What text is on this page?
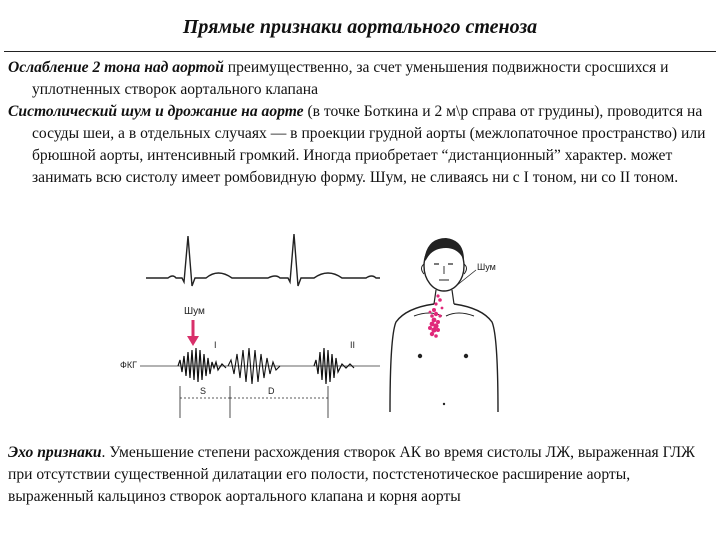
Прямые признаки аортального стеноза

Ослабление 2 тона над аортой преимущественно, за счет уменьшения подвижности сросшихся и уплотненных створок аортального клапана

Систолический шум и дрожание на аорте (в точке Боткина и 2 м\р справа от грудины), проводится на сосуды шеи, а в отдельных случаях — в проекции грудной аорты (межлопаточное пространство) или брюшной аорты, интенсивный громкий. Иногда приобретает “дистанционный” характер. может занимать всю систолу имеет ромбовидную форму. Шум, не сливаясь ни с I тоном, ни со II тоном.

Шум
I	II
ФКГ
S	D
Шум

Эхо признаки. Уменьшение степени расхождения створок АК во время систолы ЛЖ, выраженная ГЛЖ при отсутствии существенной дилатации его полости, постстенотическое расширение аорты, выраженный кальциноз створок аортального клапана и корня аорты
